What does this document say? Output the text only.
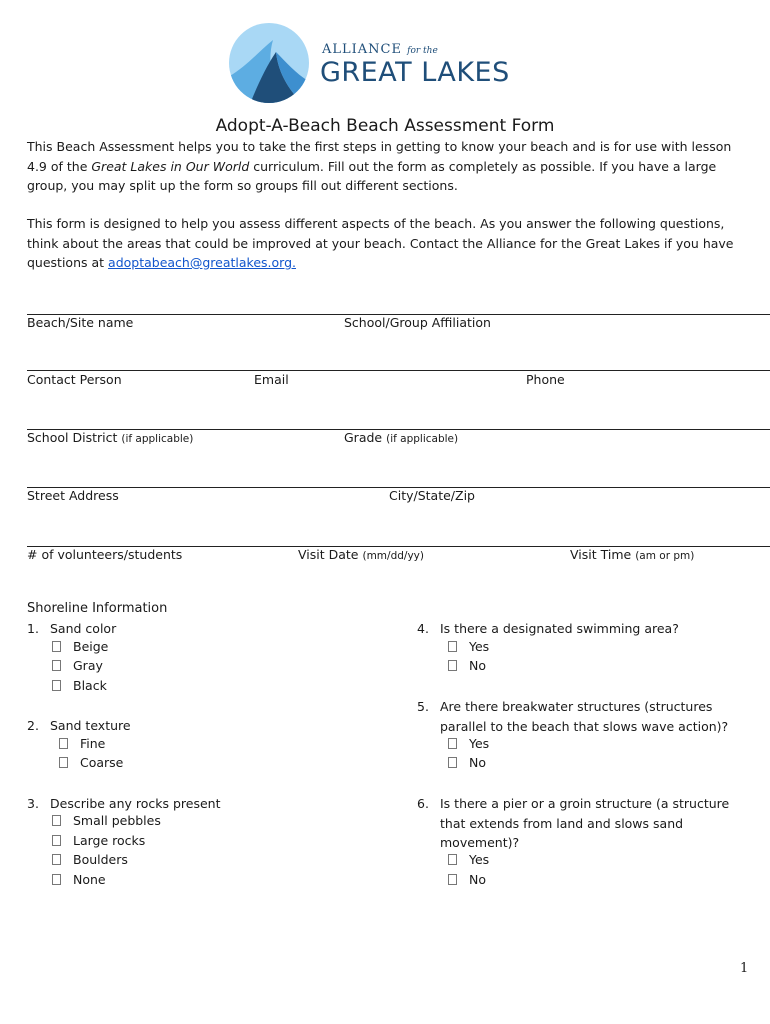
ALLIANCE for the
GREAT LAKES
Adopt-A-Beach Beach Assessment Form
This Beach Assessment helps you to take the first steps in getting to know your beach and is for use with lesson 4.9 of the Great Lakes in Our World curriculum. Fill out the form as completely as possible. If you have a large group, you may split up the form so groups fill out different sections.
This form is designed to help you assess different aspects of the beach. As you answer the following questions, think about the areas that could be improved at your beach. Contact the Alliance for the Great Lakes if you have questions at adoptabeach@greatlakes.org.
Beach/Site name	School/Group Affiliation
Contact Person	Email	Phone
School District (if applicable)	Grade (if applicable)
Street Address	City/State/Zip
# of volunteers/students	Visit Date (mm/dd/yy)	Visit Time (am or pm)
Shoreline Information
1. Sand color
Beige
Gray
Black
2. Sand texture
Fine
Coarse
3. Describe any rocks present
Small pebbles
Large rocks
Boulders
None
4. Is there a designated swimming area?
Yes
No
5. Are there breakwater structures (structures
parallel to the beach that slows wave action)?
Yes
No
6. Is there a pier or a groin structure (a structure
that extends from land and slows sand
movement)?
Yes
No
1
